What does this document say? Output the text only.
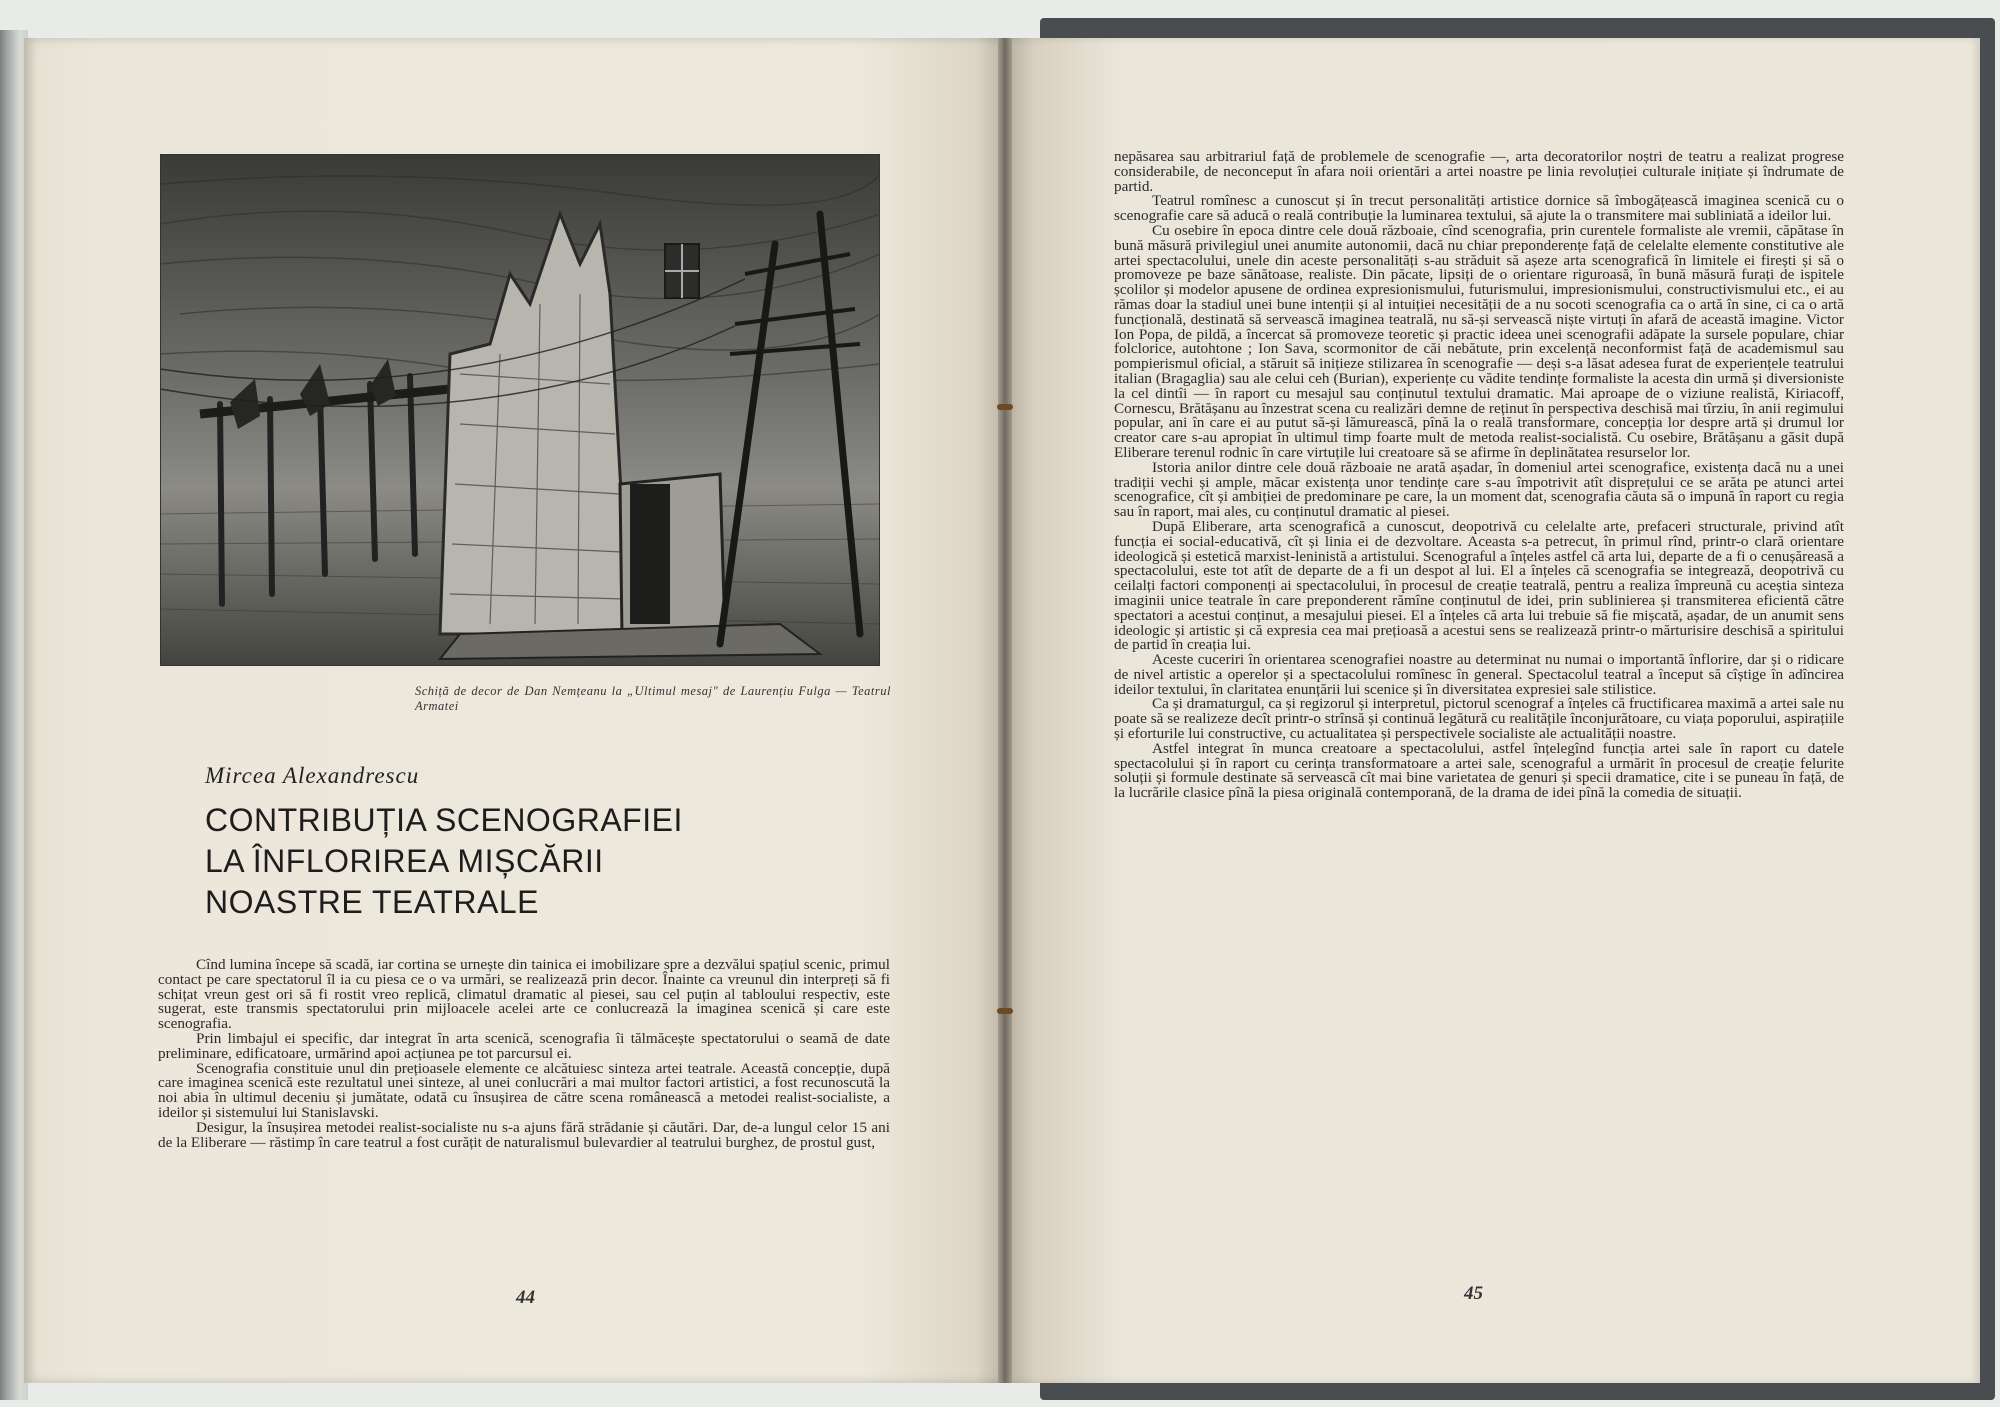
Schiță de decor de Dan Nemțeanu la „Ultimul mesaj" de Laurențiu Fulga — Teatrul Armatei
Mircea Alexandrescu
CONTRIBUȚIA SCENOGRAFIEI
LA ÎNFLORIREA MIȘCĂRII
NOASTRE TEATRALE

Cînd lumina începe să scadă, iar cortina se urnește din tainica ei imobilizare spre a dezvălui spațiul scenic, primul contact pe care spectatorul îl ia cu piesa ce o va urmări, se realizează prin decor. Înainte ca vreunul din interpreți să fi schițat vreun gest ori să fi rostit vreo replică, climatul dramatic al piesei, sau cel puțin al tabloului respectiv, este sugerat, este transmis spectatorului prin mijloacele acelei arte ce conlucrează la imaginea scenică și care este scenografia.

Prin limbajul ei specific, dar integrat în arta scenică, scenografia îi tălmăcește spectatorului o seamă de date preliminare, edificatoare, urmărind apoi acțiunea pe tot parcursul ei.

Scenografia constituie unul din prețioasele elemente ce alcătuiesc sinteza artei teatrale. Această concepție, după care imaginea scenică este rezultatul unei sinteze, al unei conlucrări a mai multor factori artistici, a fost recunoscută la noi abia în ultimul deceniu și jumătate, odată cu însușirea de către scena românească a metodei realist-socialiste, a ideilor și sistemului lui Stanislavski.

Desigur, la însușirea metodei realist-socialiste nu s-a ajuns fără strădanie și căutări. Dar, de-a lungul celor 15 ani de la Eliberare — răstimp în care teatrul a fost curățit de naturalismul bulevardier al teatrului burghez, de prostul gust,

44

nepăsarea sau arbitrariul față de problemele de scenografie —, arta decoratorilor noștri de teatru a realizat progrese considerabile, de neconceput în afara noii orientări a artei noastre pe linia revoluției culturale inițiate și îndrumate de partid.

Teatrul romînesc a cunoscut și în trecut personalități artistice dornice să îmbogățească imaginea scenică cu o scenografie care să aducă o reală contribuție la luminarea textului, să ajute la o transmitere mai subliniată a ideilor lui.

Cu osebire în epoca dintre cele două războaie, cînd scenografia, prin curentele formaliste ale vremii, căpătase în bună măsură privilegiul unei anumite autonomii, dacă nu chiar preponderențe față de celelalte elemente constitutive ale artei spectacolului, unele din aceste personalități s-au străduit să așeze arta scenografică în limitele ei firești și să o promoveze pe baze sănătoase, realiste. Din păcate, lipsiți de o orientare riguroasă, în bună măsură furați de ispitele școlilor și modelor apusene de ordinea expresionismului, futurismului, impresionismului, constructivismului etc., ei au rămas doar la stadiul unei bune intenții și al intuiției necesității de a nu socoti scenografia ca o artă în sine, ci ca o artă funcțională, destinată să servească imaginea teatrală, nu să-și servească niște virtuți în afară de această imagine. Victor Ion Popa, de pildă, a încercat să promoveze teoretic și practic ideea unei scenografii adăpate la sursele populare, chiar folclorice, autohtone ; Ion Sava, scormonitor de căi nebătute, prin excelență neconformist față de academismul sau pompierismul oficial, a stăruit să inițieze stilizarea în scenografie — deși s-a lăsat adesea furat de experiențele teatrului italian (Bragaglia) sau ale celui ceh (Burian), experiențe cu vădite tendințe formaliste la acesta din urmă și diversioniste la cel dintîi — în raport cu mesajul sau conținutul textului dramatic. Mai aproape de o viziune realistă, Kiriacoff, Cornescu, Brătășanu au înzestrat scena cu realizări demne de reținut în perspectiva deschisă mai tîrziu, în anii regimului popular, ani în care ei au putut să-și lămurească, pînă la o reală transformare, concepția lor despre artă și drumul lor creator care s-au apropiat în ultimul timp foarte mult de metoda realist-socialistă. Cu osebire, Brătășanu a găsit după Eliberare terenul rodnic în care virtuțile lui creatoare să se afirme în deplinătatea resurselor lor.

Istoria anilor dintre cele două războaie ne arată așadar, în domeniul artei scenografice, existența dacă nu a unei tradiții vechi și ample, măcar existența unor tendințe care s-au împotrivit atît disprețului ce se arăta pe atunci artei scenografice, cît și ambiției de predominare pe care, la un moment dat, scenografia căuta să o impună în raport cu regia sau în raport, mai ales, cu conținutul dramatic al piesei.

După Eliberare, arta scenografică a cunoscut, deopotrivă cu celelalte arte, prefaceri structurale, privind atît funcția ei social-educativă, cît și linia ei de dezvoltare. Aceasta s-a petrecut, în primul rînd, printr-o clară orientare ideologică și estetică marxist-leninistă a artistului. Scenograful a înțeles astfel că arta lui, departe de a fi o cenușăreasă a spectacolului, este tot atît de departe de a fi un despot al lui. El a înțeles că scenografia se integrează, deopotrivă cu ceilalți factori componenți ai spectacolului, în procesul de creație teatrală, pentru a realiza împreună cu aceștia sinteza imaginii unice teatrale în care preponderent rămîne conținutul de idei, prin sublinierea și transmiterea eficientă către spectatori a acestui conținut, a mesajului piesei. El a înțeles că arta lui trebuie să fie mișcată, așadar, de un anumit sens ideologic și artistic și că expresia cea mai prețioasă a acestui sens se realizează printr-o mărturisire deschisă a spiritului de partid în creația lui.

Aceste cuceriri în orientarea scenografiei noastre au determinat nu numai o importantă înflorire, dar și o ridicare de nivel artistic a operelor și a spectacolului romînesc în general. Spectacolul teatral a început să cîștige în adîncirea ideilor textului, în claritatea enunțării lui scenice și în diversitatea expresiei sale stilistice.

Ca și dramaturgul, ca și regizorul și interpretul, pictorul scenograf a înțeles că fructificarea maximă a artei sale nu poate să se realizeze decît printr-o strînsă și continuă legătură cu realitățile înconjurătoare, cu viața poporului, aspirațiile și eforturile lui constructive, cu actualitatea și perspectivele socialiste ale actualității noastre.

Astfel integrat în munca creatoare a spectacolului, astfel înțelegînd funcția artei sale în raport cu datele spectacolului și în raport cu cerința transformatoare a artei sale, scenograful a urmărit în procesul de creație felurite soluții și formule destinate să servească cît mai bine varietatea de genuri și specii dramatice, cite i se puneau în față, de la lucrările clasice pînă la piesa originală contemporană, de la drama de idei pînă la comedia de situații.

45
